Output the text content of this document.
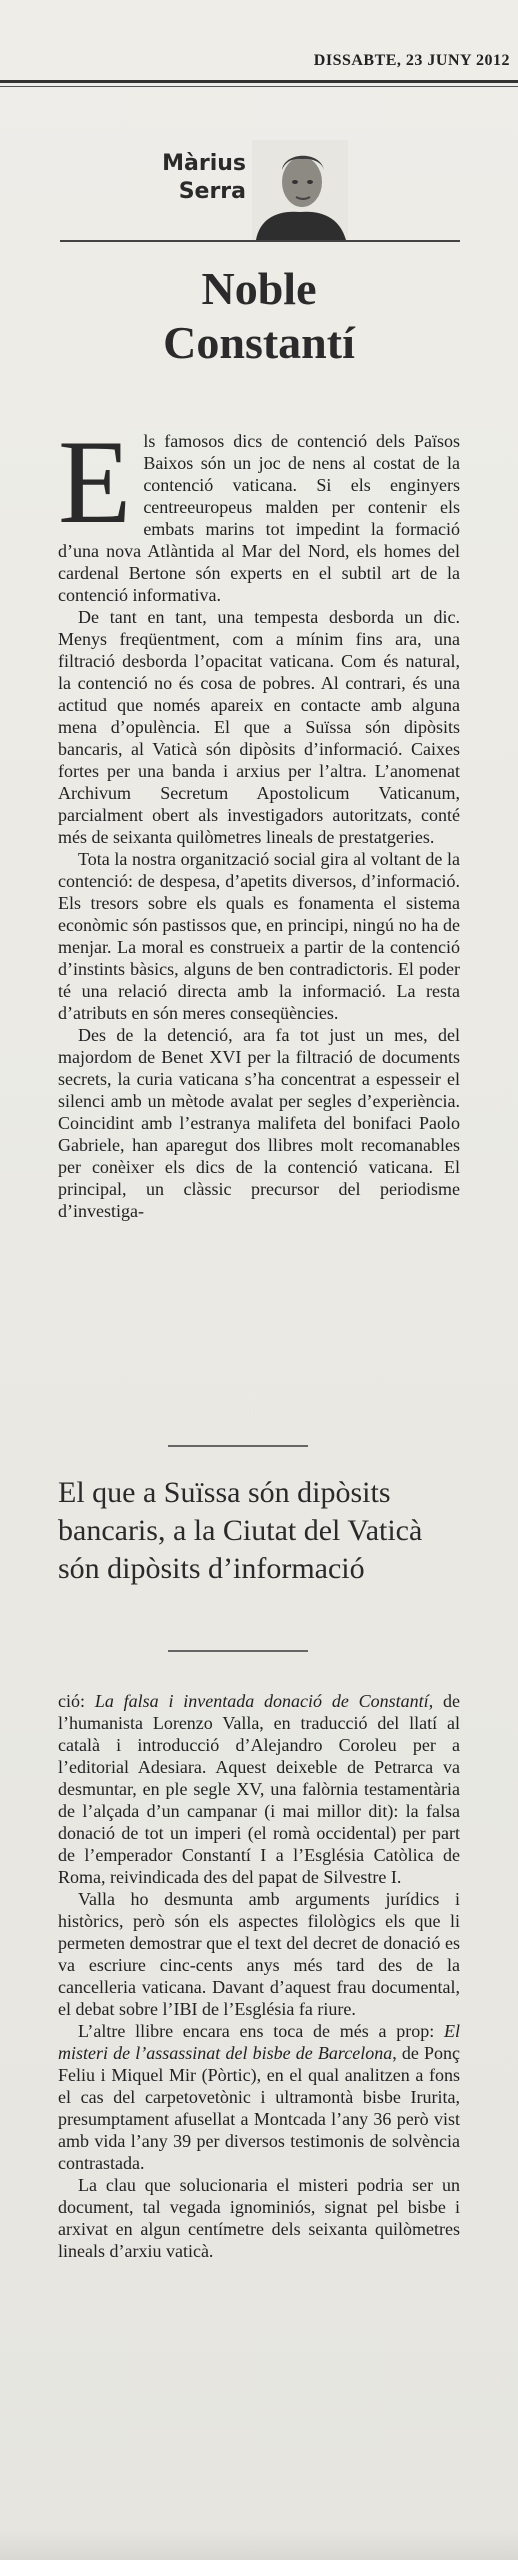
DISSABTE, 23 JUNY 2012
Màrius
Serra
Noble
Constantí

Els famosos dics de contenció dels Països Baixos són un joc de nens al costat de la contenció vaticana. Si els enginyers centreeuropeus malden per contenir els embats marins tot impedint la formació d’una nova Atlàntida al Mar del Nord, els homes del cardenal Bertone són experts en el subtil art de la contenció informativa.

De tant en tant, una tempesta desborda un dic. Menys freqüentment, com a mínim fins ara, una filtració desborda l’opacitat vaticana. Com és natural, la contenció no és cosa de pobres. Al contrari, és una actitud que només apareix en contacte amb alguna mena d’opulència. El que a Suïssa són dipòsits bancaris, al Vaticà són dipòsits d’informació. Caixes fortes per una banda i arxius per l’altra. L’anomenat Archivum Secretum Apostolicum Vaticanum, parcialment obert als investigadors autoritzats, conté més de seixanta quilòmetres lineals de prestatgeries.

Tota la nostra organització social gira al voltant de la contenció: de despesa, d’apetits diversos, d’informació. Els tresors sobre els quals es fonamenta el sistema econòmic són pastissos que, en principi, ningú no ha de menjar. La moral es construeix a partir de la contenció d’instints bàsics, alguns de ben contradictoris. El poder té una relació directa amb la informació. La resta d’atributs en són meres conseqüències.

Des de la detenció, ara fa tot just un mes, del majordom de Benet XVI per la filtració de documents secrets, la curia vaticana s’ha concentrat a espesseir el silenci amb un mètode avalat per segles d’experiència. Coincidint amb l’estranya malifeta del bonifaci Paolo Gabriele, han aparegut dos llibres molt recomanables per conèixer els dics de la contenció vaticana. El principal, un clàssic precursor del periodisme d’investiga-

El que a Suïssa són dipòsits bancaris, a la Ciutat del Vaticà són dipòsits d’informació

ció: La falsa i inventada donació de Constantí, de l’humanista Lorenzo Valla, en traducció del llatí al català i introducció d’Alejandro Coroleu per a l’editorial Adesiara. Aquest deixeble de Petrarca va desmuntar, en ple segle XV, una falòrnia testamentària de l’alçada d’un campanar (i mai millor dit): la falsa donació de tot un imperi (el romà occidental) per part de l’emperador Constantí I a l’Església Catòlica de Roma, reivindicada des del papat de Silvestre I.

Valla ho desmunta amb arguments jurídics i històrics, però són els aspectes filològics els que li permeten demostrar que el text del decret de donació es va escriure cinc-cents anys més tard des de la cancelleria vaticana. Davant d’aquest frau documental, el debat sobre l’IBI de l’Església fa riure.

L’altre llibre encara ens toca de més a prop: El misteri de l’assassinat del bisbe de Barcelona, de Ponç Feliu i Miquel Mir (Pòrtic), en el qual analitzen a fons el cas del carpetovetònic i ultramontà bisbe Irurita, presumptament afusellat a Montcada l’any 36 però vist amb vida l’any 39 per diversos testimonis de solvència contrastada.

La clau que solucionaria el misteri podria ser un document, tal vegada ignominiós, signat pel bisbe i arxivat en algun centímetre dels seixanta quilòmetres lineals d’arxiu vaticà.
